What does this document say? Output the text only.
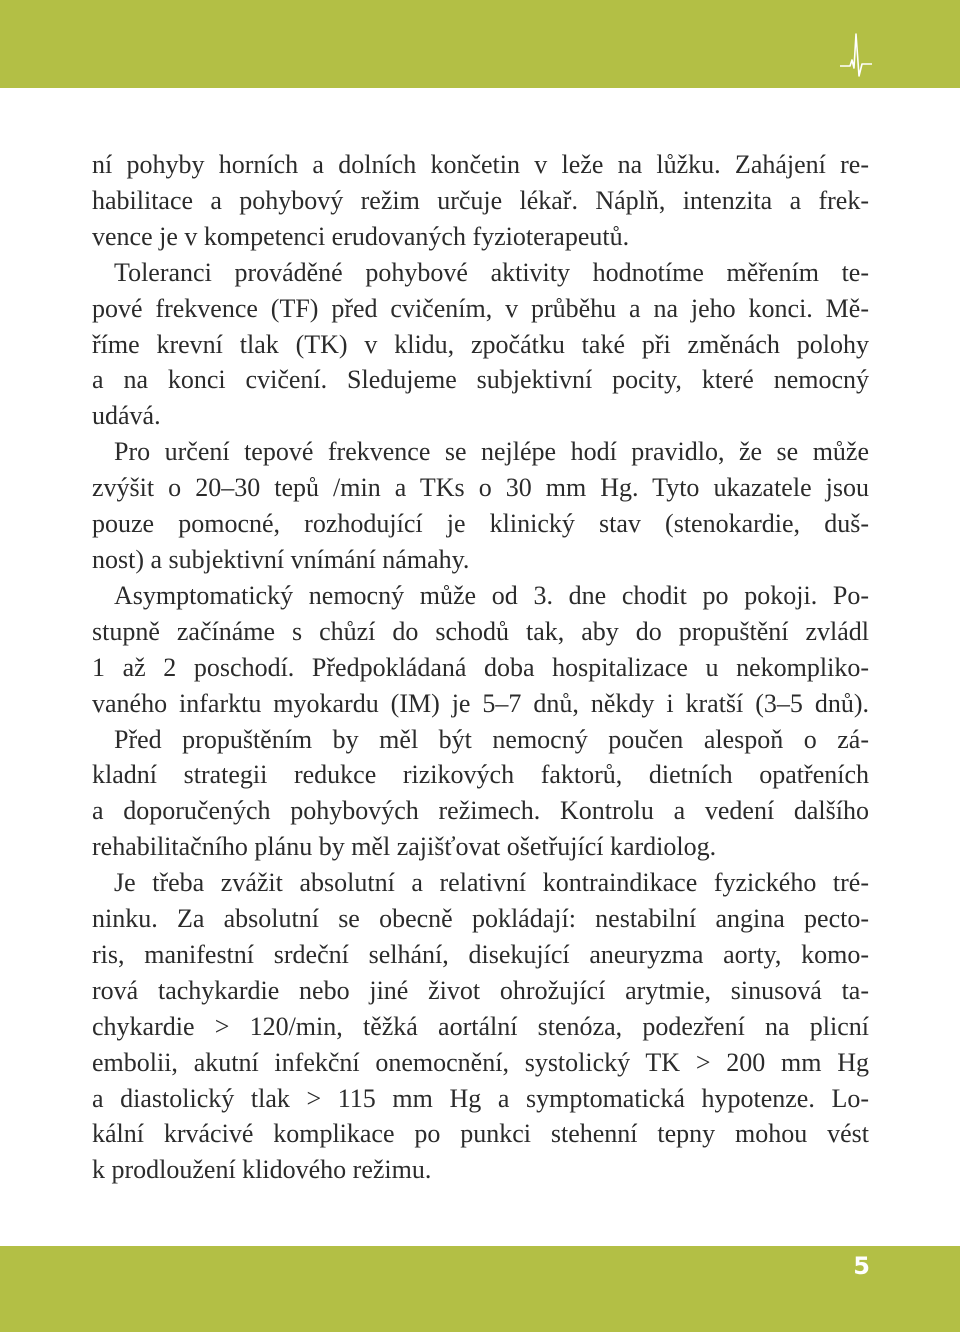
ní pohyby horních a dolních končetin v leže na lůžku. Zahájení re-
habilitace a pohybový režim určuje lékař. Náplň, intenzita a frek-
vence je v kompetenci erudovaných fyzioterapeutů.
Toleranci prováděné pohybové aktivity hodnotíme měřením te-
pové frekvence (TF) před cvičením, v průběhu a na jeho konci. Mě-
říme krevní tlak (TK) v klidu, zpočátku také při změnách polohy
a na konci cvičení. Sledujeme subjektivní pocity, které nemocný
udává.
Pro určení tepové frekvence se nejlépe hodí pravidlo, že se může
zvýšit o 20–30 tepů /min a TKs o 30 mm Hg. Tyto ukazatele jsou
pouze pomocné, rozhodující je klinický stav (stenokardie, duš-
nost) a subjektivní vnímání námahy.
Asymptomatický nemocný může od 3. dne chodit po pokoji. Po-
stupně začínáme s chůzí do schodů tak, aby do propuštění zvládl
1 až 2 poschodí. Předpokládaná doba hospitalizace u nekompliko-
vaného infarktu myokardu (IM) je 5–7 dnů, někdy i kratší (3–5 dnů).
Před propuštěním by měl být nemocný poučen alespoň o zá-
kladní strategii redukce rizikových faktorů, dietních opatřeních
a doporučených pohybových režimech. Kontrolu a vedení dalšího
rehabilitačního plánu by měl zajišťovat ošetřující kardiolog.
Je třeba zvážit absolutní a relativní kontraindikace fyzického tré-
ninku. Za absolutní se obecně pokládají: nestabilní angina pecto-
ris, manifestní srdeční selhání, disekující aneuryzma aorty, komo-
rová tachykardie nebo jiné život ohrožující arytmie, sinusová ta-
chykardie > 120/min, těžká aortální stenóza, podezření na plicní
embolii, akutní infekční onemocnění, systolický TK > 200 mm Hg
a diastolický tlak > 115 mm Hg a symptomatická hypotenze. Lo-
kální krvácivé komplikace po punkci stehenní tepny mohou vést
k prodloužení klidového režimu.
5
